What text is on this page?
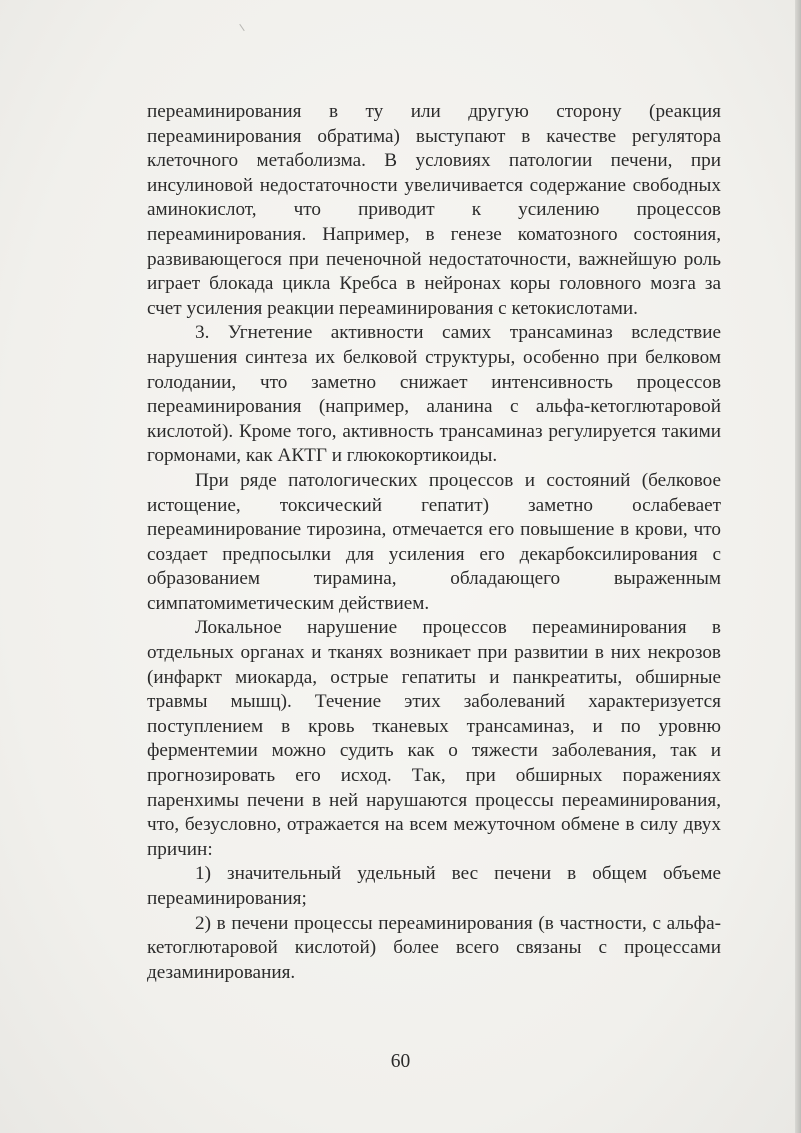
переаминирования в ту или другую сторону (реакция переаминирования обратима) выступают в качестве регулятора клеточного метаболизма. В условиях патологии печени, при инсулиновой недостаточности увеличивается содержание свободных аминокислот, что приводит к усилению процессов переаминирования. Например, в генезе коматозного состояния, развивающегося при печеночной недостаточности, важнейшую роль играет блокада цикла Кребса в нейронах коры головного мозга за счет усиления реакции переаминирования с кетокислотами.

3. Угнетение активности самих трансаминаз вследствие нарушения синтеза их белковой структуры, особенно при белковом голодании, что заметно снижает интенсивность процессов переаминирования (например, аланина с альфа-кетоглютаровой кислотой). Кроме того, активность трансаминаз регулируется такими гормонами, как АКТГ и глюкокортикоиды.

При ряде патологических процессов и состояний (белковое истощение, токсический гепатит) заметно ослабевает переаминирование тирозина, отмечается его повышение в крови, что создает предпосылки для усиления его декарбоксилирования с образованием тирамина, обладающего выраженным симпатомиметическим действием.

Локальное нарушение процессов переаминирования в отдельных органах и тканях возникает при развитии в них некрозов (инфаркт миокарда, острые гепатиты и панкреатиты, обширные травмы мышц). Течение этих заболеваний характеризуется поступлением в кровь тканевых трансаминаз, и по уровню ферментемии можно судить как о тяжести заболевания, так и прогнозировать его исход. Так, при обширных поражениях паренхимы печени в ней нарушаются процессы переаминирования, что, безусловно, отражается на всем межуточном обмене в силу двух причин:

1) значительный удельный вес печени в общем объеме переаминирования;

2) в печени процессы переаминирования (в частности, с альфа-кетоглютаровой кислотой) более всего связаны с процессами дезаминирования.

60
